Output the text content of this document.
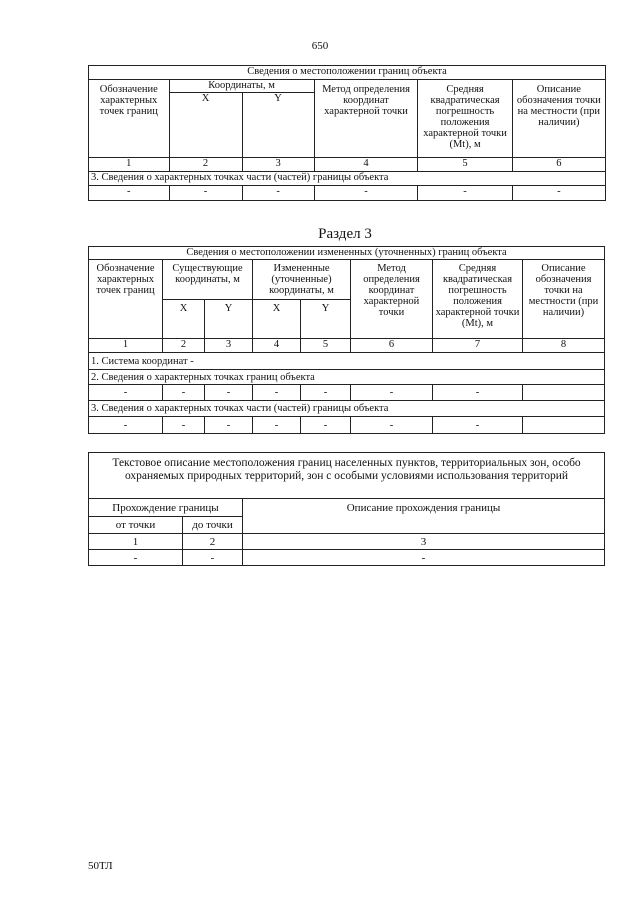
650
Сведения о местоположении границ объекта					
Обозначение характерных точек границ	Координаты, м		Метод определения координат характерной точки	Средняя квадратическая погрешность положения характерной точки (Mt), м	Описание обозначения точки на местности (при наличии)
	X	Y			
1	2	3	4	5	6
3. Сведения о характерных точках части (частей) границы объекта					
-	-	-	-	-	-
Раздел 3
Сведения о местоположении измененных (уточненных) границ объекта							
Обозначение характерных точек границ	Существующие координаты, м		Измененные (уточненные) координаты, м		Метод определения координат характерной точки	Средняя квадратическая погрешность положения характерной точки (Mt), м	Описание обозначения точки на местности (при наличии)
	X	Y	X	Y			
1	2	3	4	5	6	7	8
1. Система координат -							
2. Сведения о характерных точках границ объекта							
-	-	-	-	-	-	-	
3. Сведения о характерных точках части (частей) границы объекта							
-	-	-	-	-	-	-	
Текстовое описание местоположения границ населенных пунктов, территориальных зон, особо охраняемых природных территорий, зон с особыми условиями использования территорий		
Прохождение границы		Описание прохождения границы
от точки	до точки	
1	2	3
-	-	-
50ТЛ
